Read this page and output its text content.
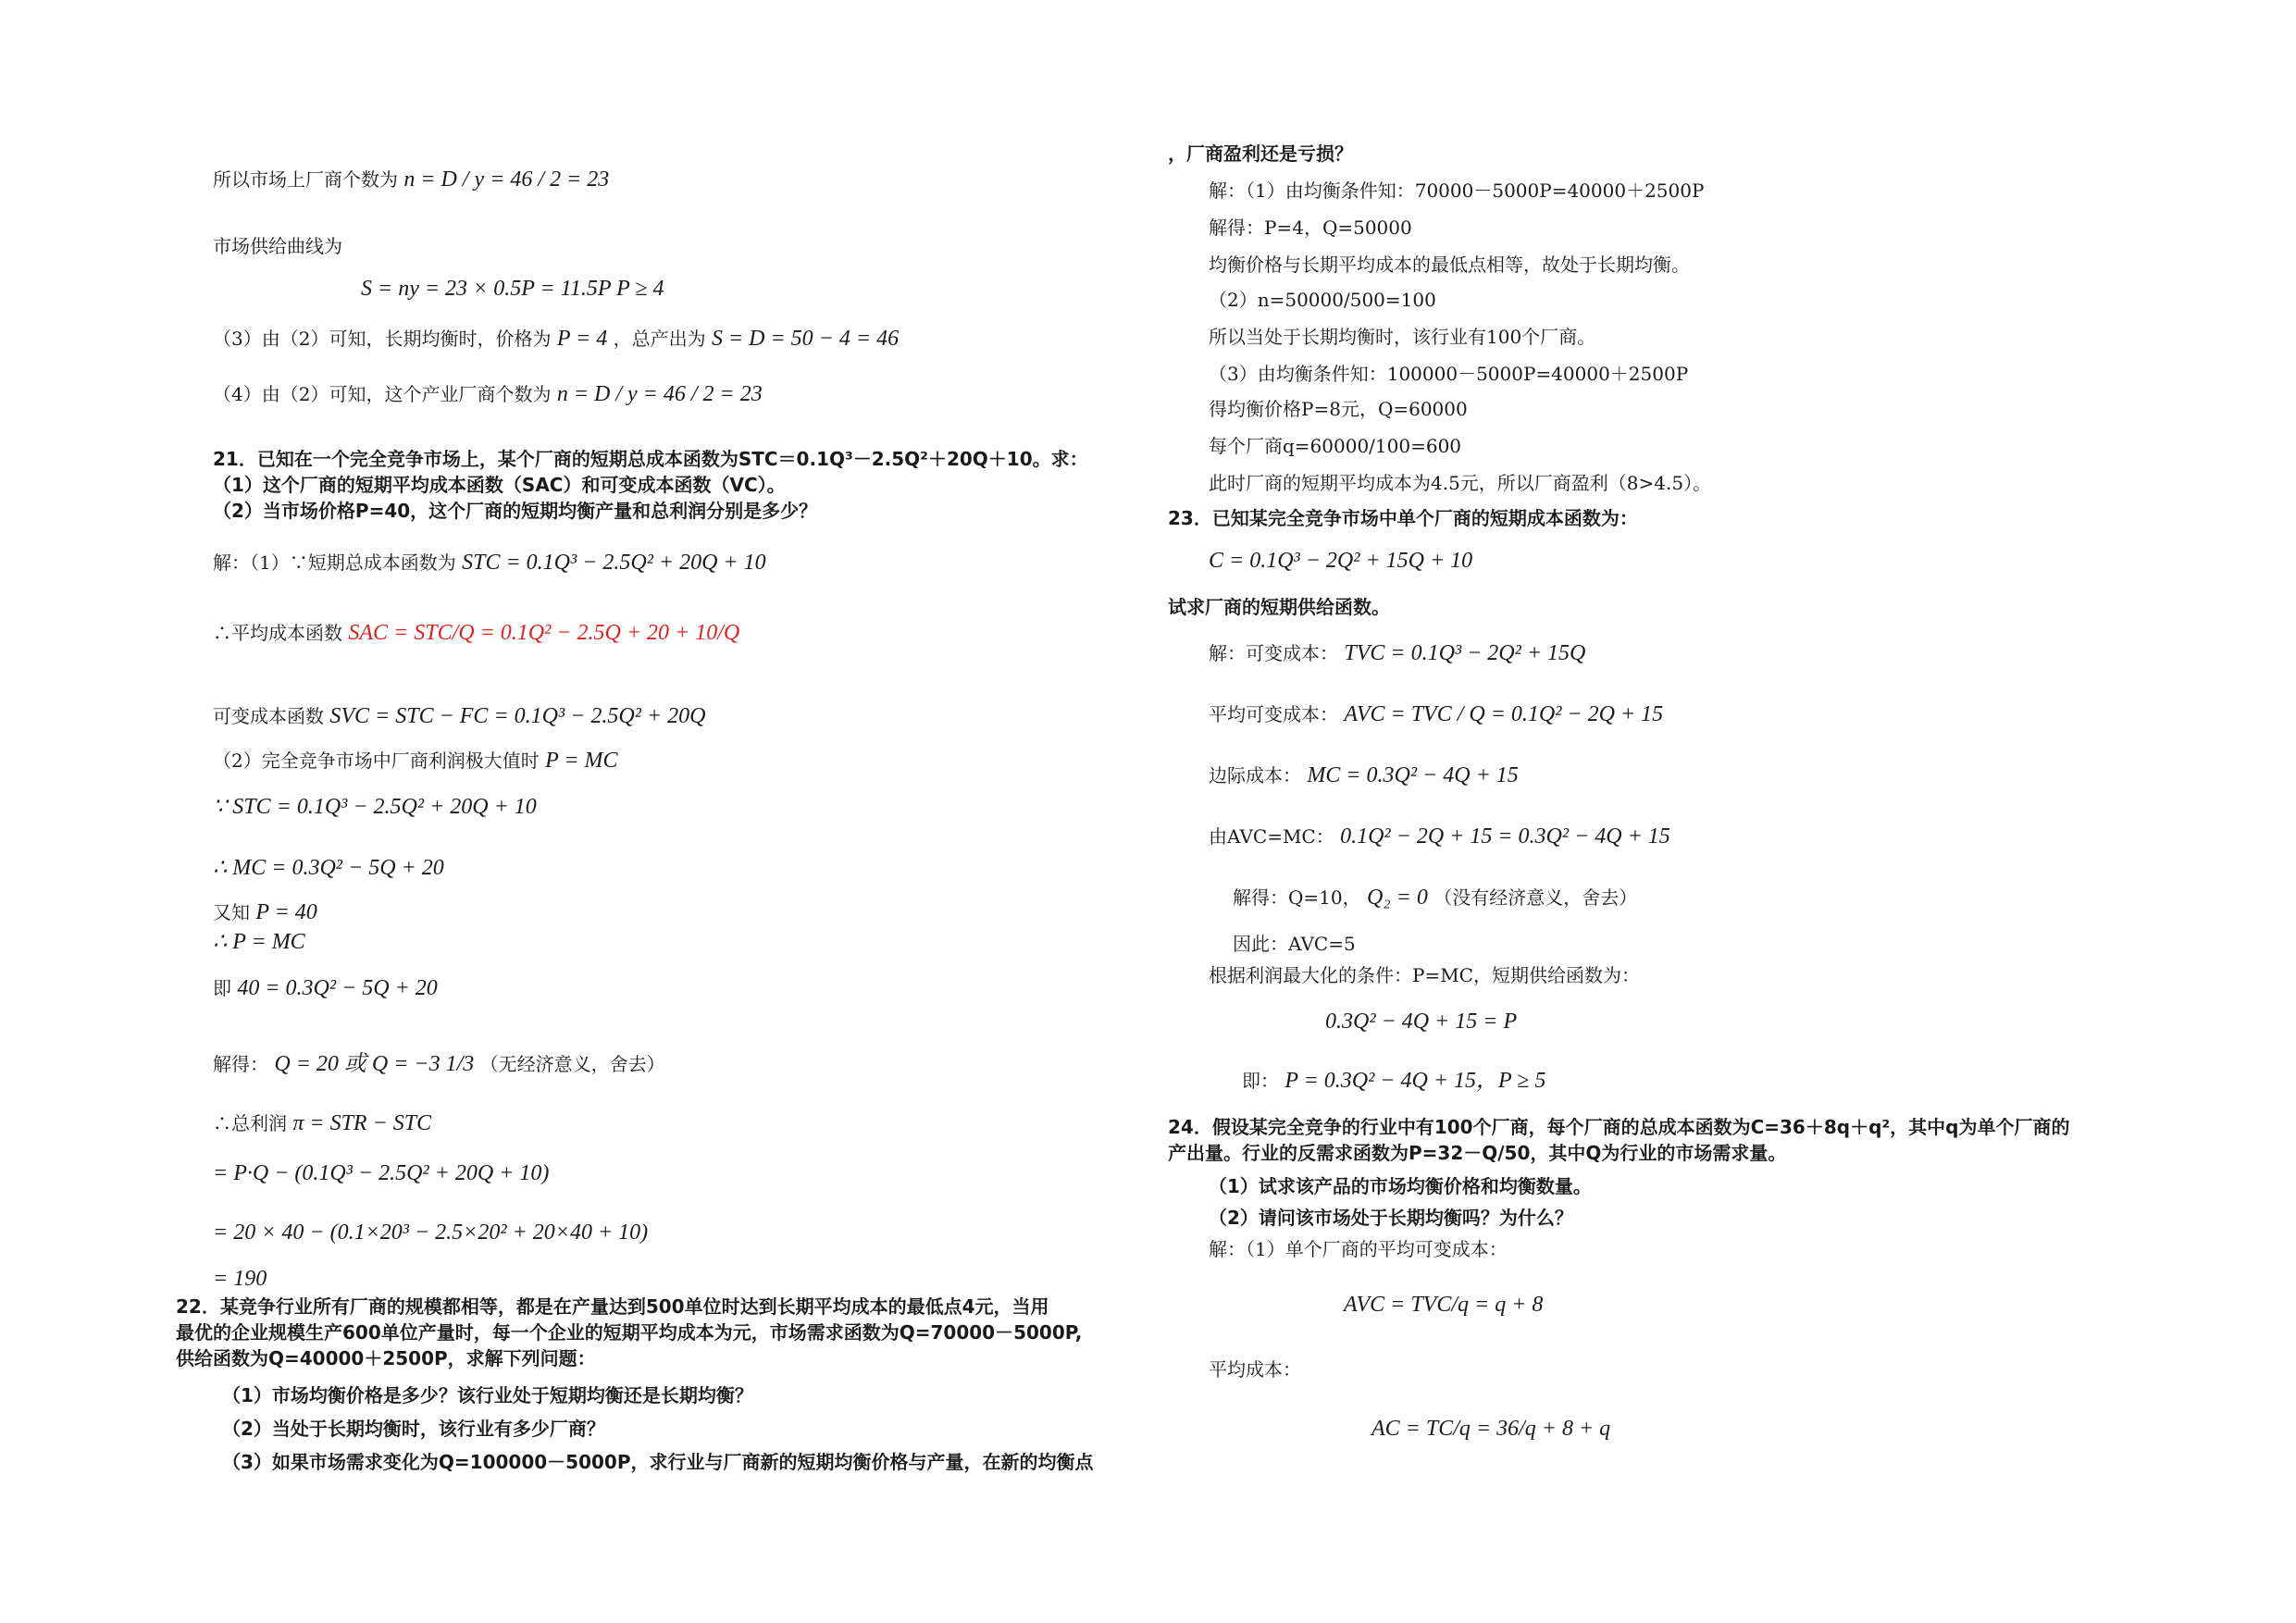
所以市场上厂商个数为 n = D / y = 46 / 2 = 23
市场供给曲线为
S = ny = 23 × 0.5P = 11.5P P ≥ 4
（3）由（2）可知，长期均衡时，价格为 P = 4 ，总产出为 S = D = 50 − 4 = 46
（4）由（2）可知，这个产业厂商个数为 n = D / y = 46 / 2 = 23
21．已知在一个完全竞争市场上，某个厂商的短期总成本函数为STC＝0.1Q³－2.5Q²＋20Q＋10。求：
（1）这个厂商的短期平均成本函数（SAC）和可变成本函数（VC）。
（2）当市场价格P=40，这个厂商的短期均衡产量和总利润分别是多少？
解：（1）∵短期总成本函数为 STC = 0.1Q³ − 2.5Q² + 20Q + 10
∴平均成本函数 SAC = STC/Q = 0.1Q² − 2.5Q + 20 + 10/Q
可变成本函数 SVC = STC − FC = 0.1Q³ − 2.5Q² + 20Q
（2）完全竞争市场中厂商利润极大值时 P = MC
∵ STC = 0.1Q³ − 2.5Q² + 20Q + 10
∴ MC = 0.3Q² − 5Q + 20
又知 P = 40
∴ P = MC
即 40 = 0.3Q² − 5Q + 20
解得： Q = 20 或 Q = −3 1/3 （无经济意义，舍去）
∴总利润 π = STR − STC
= P·Q − (0.1Q³ − 2.5Q² + 20Q + 10)
= 20 × 40 − (0.1×20³ − 2.5×20² + 20×40 + 10)
= 190
22．某竞争行业所有厂商的规模都相等，都是在产量达到500单位时达到长期平均成本的最低点4元，当用
最优的企业规模生产600单位产量时，每一个企业的短期平均成本为元，市场需求函数为Q=70000－5000P,
供给函数为Q=40000＋2500P，求解下列问题：
（1）市场均衡价格是多少？该行业处于短期均衡还是长期均衡？
（2）当处于长期均衡时，该行业有多少厂商？
（3）如果市场需求变化为Q=100000－5000P，求行业与厂商新的短期均衡价格与产量，在新的均衡点
，厂商盈利还是亏损？
解：（1）由均衡条件知：70000－5000P=40000＋2500P
解得：P=4，Q=50000
均衡价格与长期平均成本的最低点相等，故处于长期均衡。
（2）n=50000/500=100
所以当处于长期均衡时，该行业有100个厂商。
（3）由均衡条件知：100000－5000P=40000＋2500P
得均衡价格P=8元，Q=60000
每个厂商q=60000/100=600
此时厂商的短期平均成本为4.5元，所以厂商盈利（8>4.5）。
23．已知某完全竞争市场中单个厂商的短期成本函数为：
C = 0.1Q³ − 2Q² + 15Q + 10
试求厂商的短期供给函数。
解：可变成本： TVC = 0.1Q³ − 2Q² + 15Q
平均可变成本： AVC = TVC / Q = 0.1Q² − 2Q + 15
边际成本： MC = 0.3Q² − 4Q + 15
由AVC=MC： 0.1Q² − 2Q + 15 = 0.3Q² − 4Q + 15
解得：Q=10， Q₂ = 0 （没有经济意义，舍去）
因此：AVC=5
根据利润最大化的条件：P=MC，短期供给函数为：
0.3Q² − 4Q + 15 = P
即： P = 0.3Q² − 4Q + 15，P ≥ 5
24．假设某完全竞争的行业中有100个厂商，每个厂商的总成本函数为C=36＋8q＋q²，其中q为单个厂商的
产出量。行业的反需求函数为P=32－Q/50，其中Q为行业的市场需求量。
（1）试求该产品的市场均衡价格和均衡数量。
（2）请问该市场处于长期均衡吗？为什么？
解：（1）单个厂商的平均可变成本：
AVC = TVC/q = q + 8
平均成本：
AC = TC/q = 36/q + 8 + q
